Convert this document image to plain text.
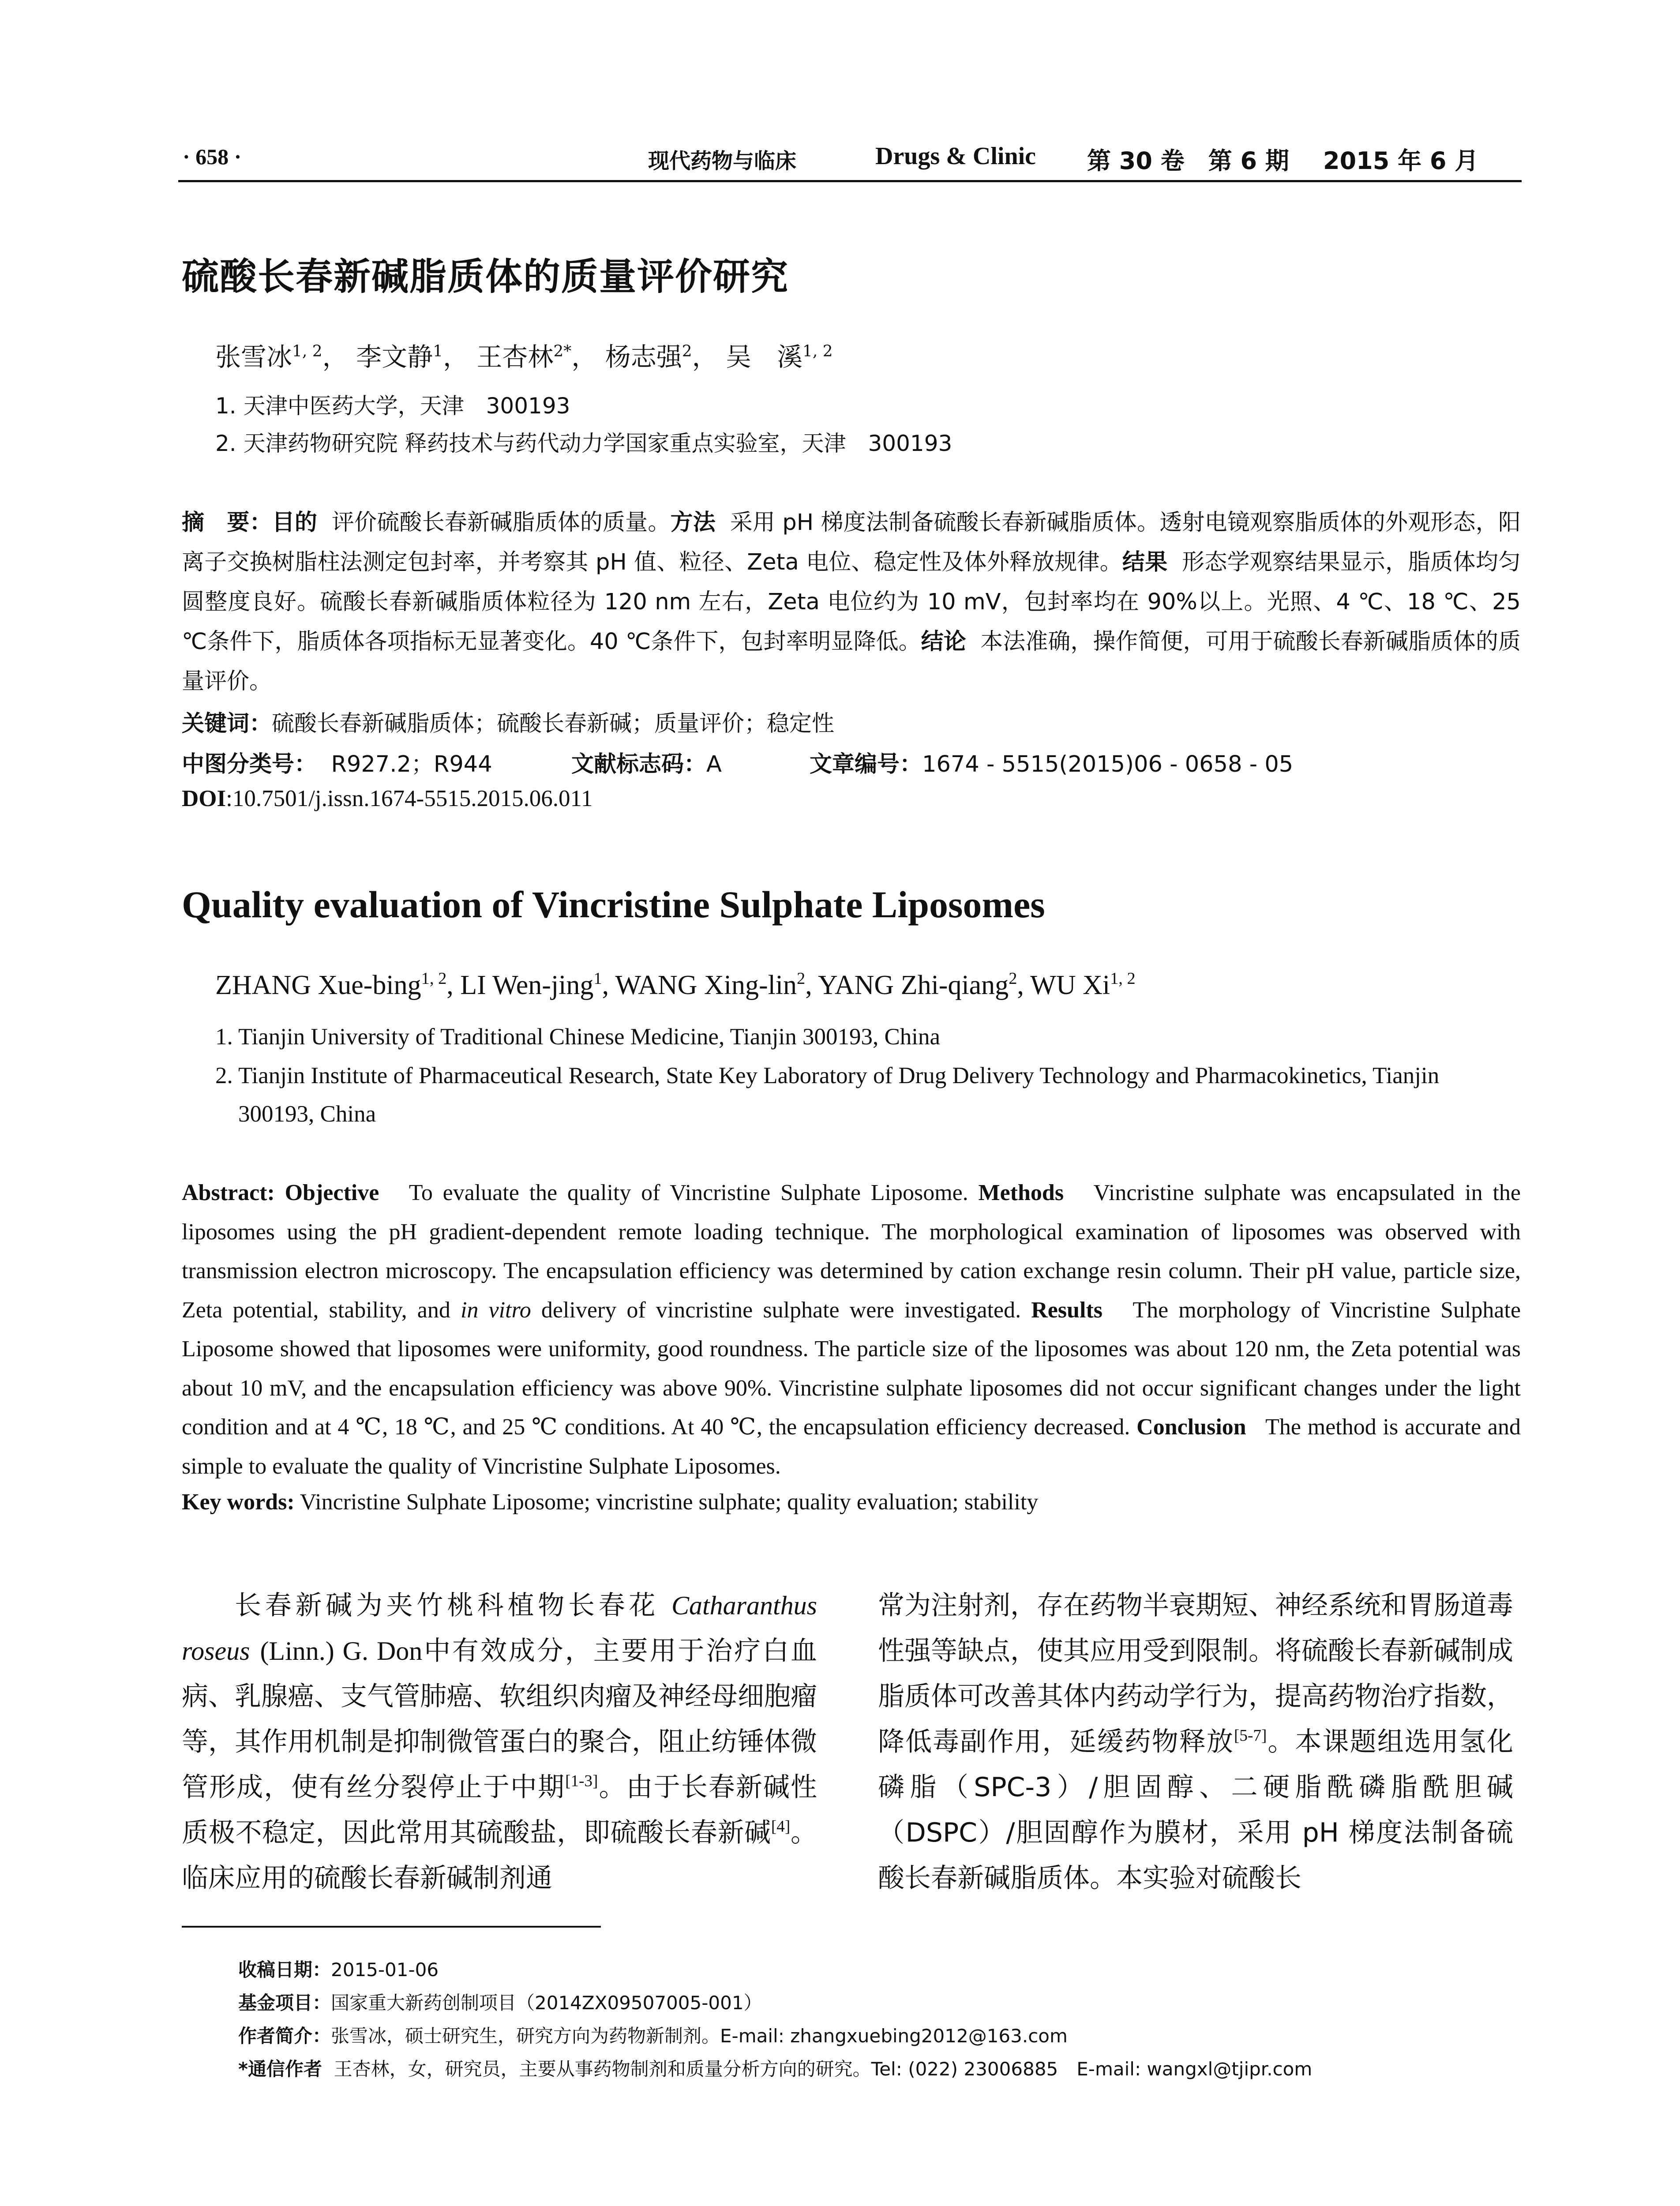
· 658 ·	现代药物与临床	Drugs & Clinic 第 30 卷　第 6 期 2015 年 6 月
硫酸长春新碱脂质体的质量评价研究
张雪冰$^{1, 2}$， 李文静$^1$， 王杏林$^{2*}$， 杨志强$^2$， 吴　溪$^{1, 2}$
1. 天津中医药大学，天津　300193
2. 天津药物研究院 释药技术与药代动力学国家重点实验室，天津　300193
摘　要：目的 评价硫酸长春新碱脂质体的质量。方法 采用 pH 梯度法制备硫酸长春新碱脂质体。透射电镜观察脂质体的外观形态，阳离子交换树脂柱法测定包封率，并考察其 pH 值、粒径、Zeta 电位、稳定性及体外释放规律。结果 形态学观察结果显示，脂质体均匀圆整度良好。硫酸长春新碱脂质体粒径为 120 nm 左右，Zeta 电位约为 10 mV，包封率均在 90%以上。光照、4 ℃、18 ℃、25 ℃条件下，脂质体各项指标无显著变化。40 ℃条件下，包封率明显降低。结论 本法准确，操作简便，可用于硫酸长春新碱脂质体的质量评价。
关键词：硫酸长春新碱脂质体；硫酸长春新碱；质量评价；稳定性
中图分类号： R927.2；R944	文献标志码：A	文章编号：1674 - 5515(2015)06 - 0658 - 05
DOI:10.7501/j.issn.1674-5515.2015.06.011
Quality evaluation of Vincristine Sulphate Liposomes
ZHANG Xue-bing$^{1, 2}$, LI Wen-jing$^1$, WANG Xing-lin$^2$, YANG Zhi-qiang$^2$, WU Xi$^{1, 2}$
1. Tianjin University of Traditional Chinese Medicine, Tianjin 300193, China
2. Tianjin Institute of Pharmaceutical Research, State Key Laboratory of Drug Delivery Technology and Pharmacokinetics, Tianjin
300193, China
Abstract: Objective To evaluate the quality of Vincristine Sulphate Liposome. Methods Vincristine sulphate was encapsulated in the liposomes using the pH gradient-dependent remote loading technique. The morphological examination of liposomes was observed with transmission electron microscopy. The encapsulation efficiency was determined by cation exchange resin column. Their pH value, particle size, Zeta potential, stability, and in vitro delivery of vincristine sulphate were investigated. Results The morphology of Vincristine Sulphate Liposome showed that liposomes were uniformity, good roundness. The particle size of the liposomes was about 120 nm, the Zeta potential was about 10 mV, and the encapsulation efficiency was above 90%. Vincristine sulphate liposomes did not occur significant changes under the light condition and at 4 ℃, 18 ℃, and 25 ℃ conditions. At 40 ℃, the encapsulation efficiency decreased. Conclusion The method is accurate and simple to evaluate the quality of Vincristine Sulphate Liposomes.
Key words: Vincristine Sulphate Liposome; vincristine sulphate; quality evaluation; stability
长春新碱为夹竹桃科植物长春花 Catharanthus roseus (Linn.) G. Don中有效成分，主要用于治疗白血病、乳腺癌、支气管肺癌、软组织肉瘤及神经母细胞瘤等，其作用机制是抑制微管蛋白的聚合，阻止纺锤体微管形成，使有丝分裂停止于中期[1-3]。由于长春新碱性质极不稳定，因此常用其硫酸盐，即硫酸长春新碱[4]。临床应用的硫酸长春新碱制剂通
常为注射剂，存在药物半衰期短、神经系统和胃肠道毒性强等缺点，使其应用受到限制。将硫酸长春新碱制成脂质体可改善其体内药动学行为，提高药物治疗指数，降低毒副作用，延缓药物释放[5-7]。本课题组选用氢化磷脂（SPC-3）/胆固醇、二硬脂酰磷脂酰胆碱（DSPC）/胆固醇作为膜材，采用 pH 梯度法制备硫酸长春新碱脂质体。本实验对硫酸长
收稿日期：2015-01-06
基金项目：国家重大新药创制项目（2014ZX09507005-001）
作者简介：张雪冰，硕士研究生，研究方向为药物新制剂。E-mail: zhangxuebing2012@163.com
*通信作者 王杏林，女，研究员，主要从事药物制剂和质量分析方向的研究。Tel: (022) 23006885　E-mail: wangxl@tjipr.com
